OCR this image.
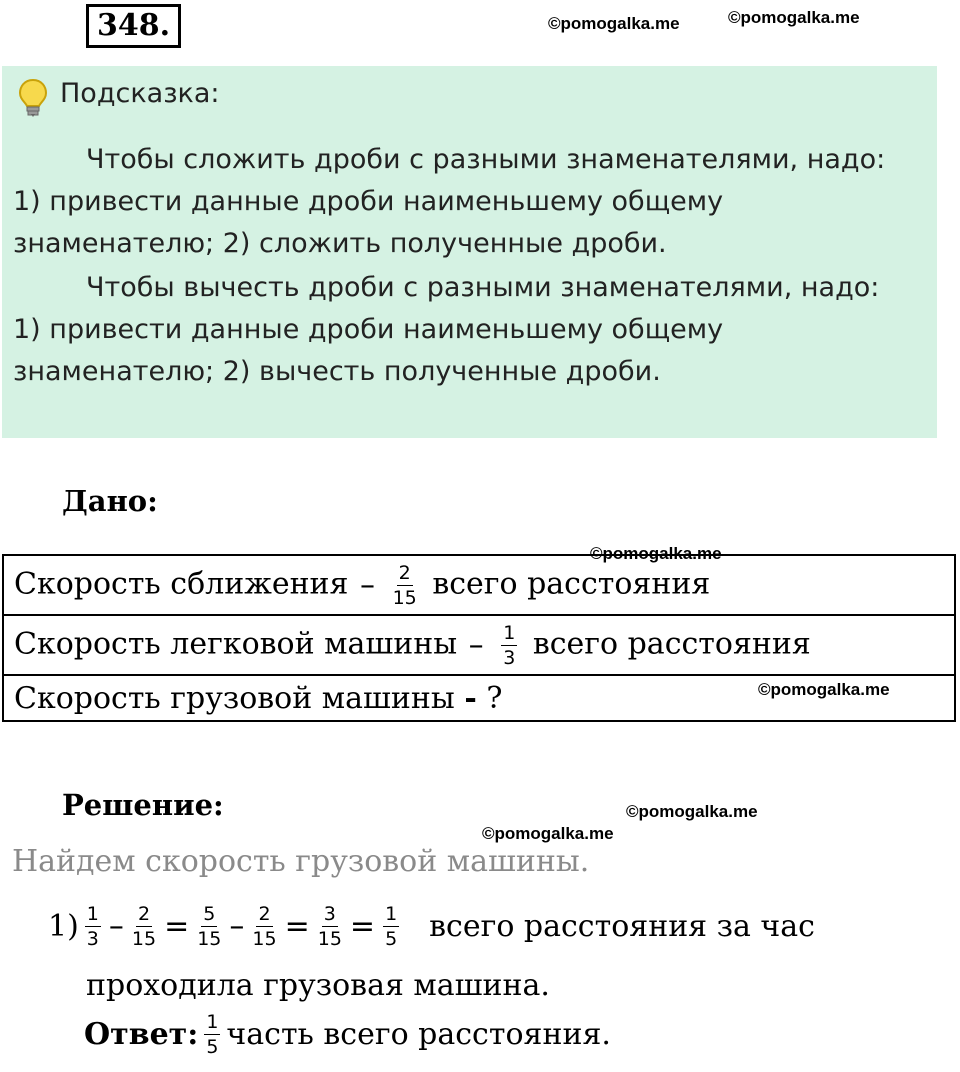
348.	©pomogalka.me	©pomogalka.me
Подсказка:
Чтобы сложить дроби с разными знаменателями, надо:
1) привести данные дроби наименьшему общему
знаменателю; 2) сложить полученные дроби.
Чтобы вычесть дроби с разными знаменателями, надо:
1) привести данные дроби наименьшему общему
знаменателю; 2) вычесть полученные дроби.
Дано:
©pomogalka.me
Скорость сближения – $\frac{2}{15}$ всего расстояния
Скорость легковой машины – $\frac{1}{3}$ всего расстояния
Скорость грузовой машины - ?	©pomogalka.me
Решение:	©pomogalka.me
©pomogalka.me
Найдем скорость грузовой машины.
$1) \frac{1}{3} - \frac{2}{15} = \frac{5}{15} - \frac{2}{15} = \frac{3}{15} = \frac{1}{5}$ всего расстояния за час
проходила грузовая машина.
Ответ: $\frac{1}{5}$ часть всего расстояния.
